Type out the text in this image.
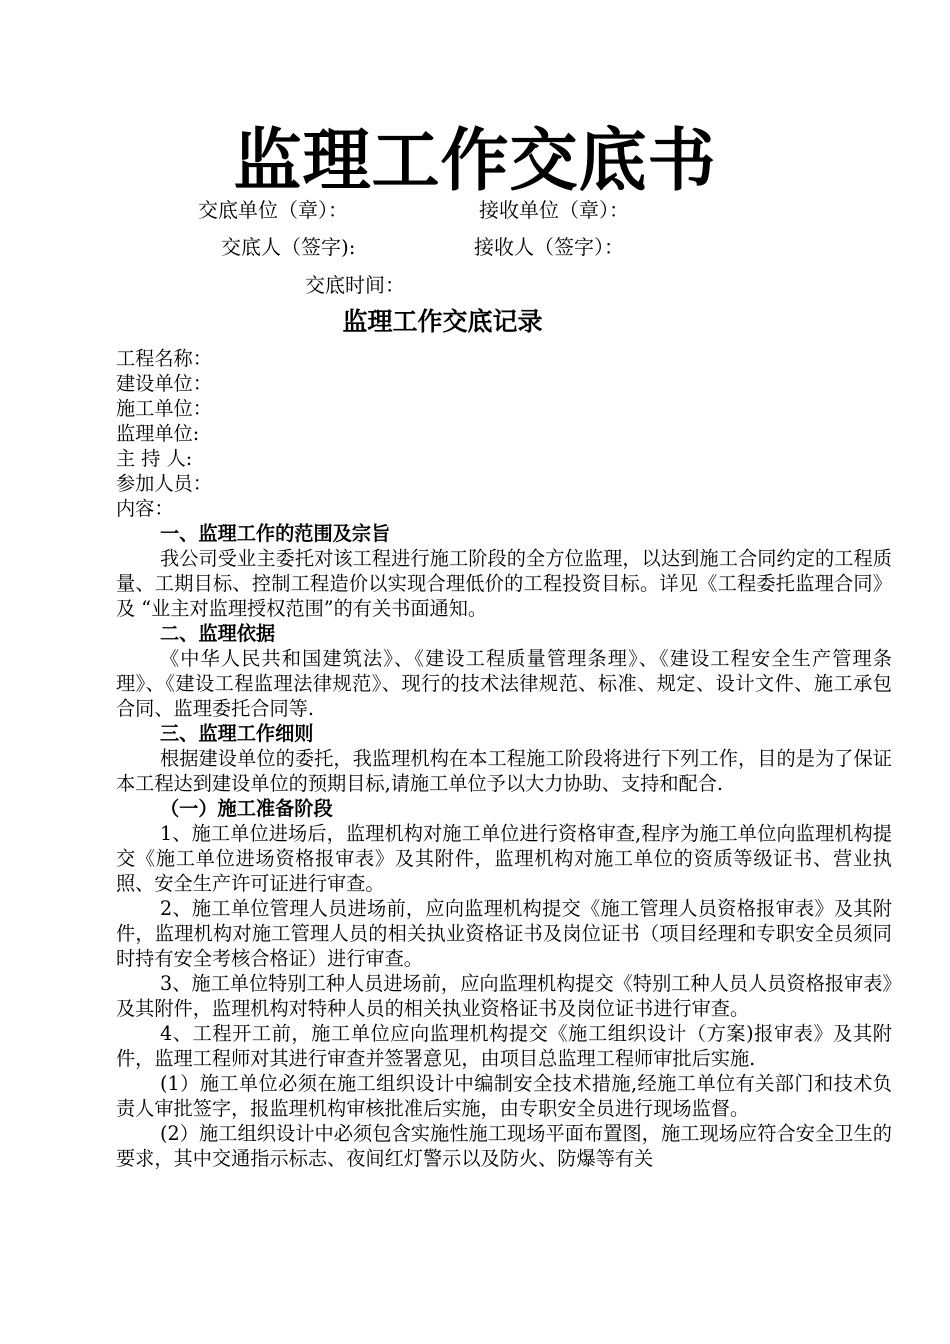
监理工作交底书
交底单位（章）：	接收单位（章）：
交底人（签字):	接收人（签字）：
交底时间：
监理工作交底记录
工程名称：
建设单位：
施工单位：
监理单位:
主 持 人:
参加人员：
内容：
一、监理工作的范围及宗旨
我公司受业主委托对该工程进行施工阶段的全方位监理，以达到施工合同约定的工程质量、工期目标、控制工程造价以实现合理低价的工程投资目标。详见《工程委托监理合同》及 “业主对监理授权范围”的有关书面通知。
二、监理依据
《中华人民共和国建筑法》、《建设工程质量管理条理》、《建设工程安全生产管理条理》、《建设工程监理法律规范》、现行的技术法律规范、标准、规定、设计文件、施工承包合同、监理委托合同等.
三、监理工作细则
根据建设单位的委托，我监理机构在本工程施工阶段将进行下列工作，目的是为了保证本工程达到建设单位的预期目标,请施工单位予以大力协助、支持和配合.
（一）施工准备阶段
1、施工单位进场后，监理机构对施工单位进行资格审查,程序为施工单位向监理机构提交《施工单位进场资格报审表》及其附件，监理机构对施工单位的资质等级证书、营业执照、安全生产许可证进行审查。
2、施工单位管理人员进场前，应向监理机构提交《施工管理人员资格报审表》及其附件，监理机构对施工管理人员的相关执业资格证书及岗位证书（项目经理和专职安全员须同时持有安全考核合格证）进行审查。
3、施工单位特别工种人员进场前，应向监理机构提交《特别工种人员人员资格报审表》及其附件，监理机构对特种人员的相关执业资格证书及岗位证书进行审查。
4、工程开工前，施工单位应向监理机构提交《施工组织设计（方案)报审表》及其附件，监理工程师对其进行审查并签署意见，由项目总监理工程师审批后实施.
(1）施工单位必须在施工组织设计中编制安全技术措施,经施工单位有关部门和技术负责人审批签字，报监理机构审核批准后实施，由专职安全员进行现场监督。
(2）施工组织设计中必须包含实施性施工现场平面布置图，施工现场应符合安全卫生的要求，其中交通指示标志、夜间红灯警示以及防火、防爆等有关
